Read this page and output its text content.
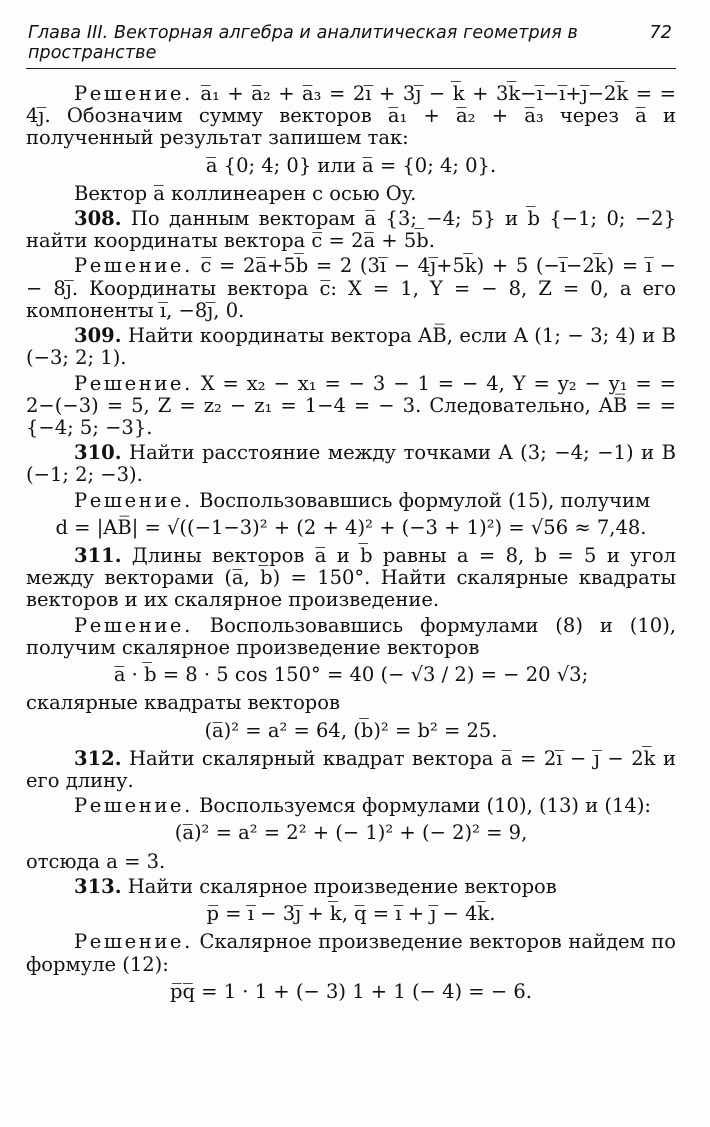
Глава III. Векторная алгебра и аналитическая геометрия в пространстве
72
Решение. a̅₁ + a̅₂ + a̅₃ = 2i̅ + 3j̅ − k̅ + 3k̅−i̅−i̅+j̅−2k̅ = = 4j̅. Обозначим сумму векторов a̅₁ + a̅₂ + a̅₃ через a̅ и полученный результат запишем так:
a̅ {0; 4; 0} или a̅ = {0; 4; 0}.
Вектор a̅ коллинеарен с осью Oy.
308. По данным векторам a̅ {3; −4; 5} и b̅ {−1; 0; −2} найти координаты вектора c̅ = 2a̅ + 5b̅.
Решение. c̅ = 2a̅+5b̅ = 2 (3i̅ − 4j̅+5k̅) + 5 (−i̅−2k̅) = i̅ − − 8j̅. Координаты вектора c̅: X = 1, Y = − 8, Z = 0, а его компоненты i̅, −8j̅, 0.
309. Найти координаты вектора AB̅, если A (1; − 3; 4) и B (−3; 2; 1).
Решение. X = x₂ − x₁ = − 3 − 1 = − 4, Y = y₂ − y₁ = = 2−(−3) = 5, Z = z₂ − z₁ = 1−4 = − 3. Следовательно, AB̅ = = {−4; 5; −3}.
310. Найти расстояние между точками A (3; −4; −1) и B (−1; 2; −3).
Решение. Воспользовавшись формулой (15), получим
d = |AB̅| = √((−1−3)² + (2 + 4)² + (−3 + 1)²) = √56 ≈ 7,48.
311. Длины векторов a̅ и b̅ равны a = 8, b = 5 и угол между векторами (a̅, b̅) = 150°. Найти скалярные квадраты векторов и их скалярное произведение.
Решение. Воспользовавшись формулами (8) и (10), получим скалярное произведение векторов
a̅ · b̅ = 8 · 5 cos 150° = 40 (− √3 / 2) = − 20 √3;
скалярные квадраты векторов
(a̅)² = a² = 64, (b̅)² = b² = 25.
312. Найти скалярный квадрат вектора a̅ = 2i̅ − j̅ − 2k̅ и его длину.
Решение. Воспользуемся формулами (10), (13) и (14):
(a̅)² = a² = 2² + (− 1)² + (− 2)² = 9,
отсюда a = 3.
313. Найти скалярное произведение векторов
p̅ = i̅ − 3j̅ + k̅, q̅ = i̅ + j̅ − 4k̅.
Решение. Скалярное произведение векторов найдем по формуле (12):
p̅q̅ = 1 · 1 + (− 3) 1 + 1 (− 4) = − 6.
